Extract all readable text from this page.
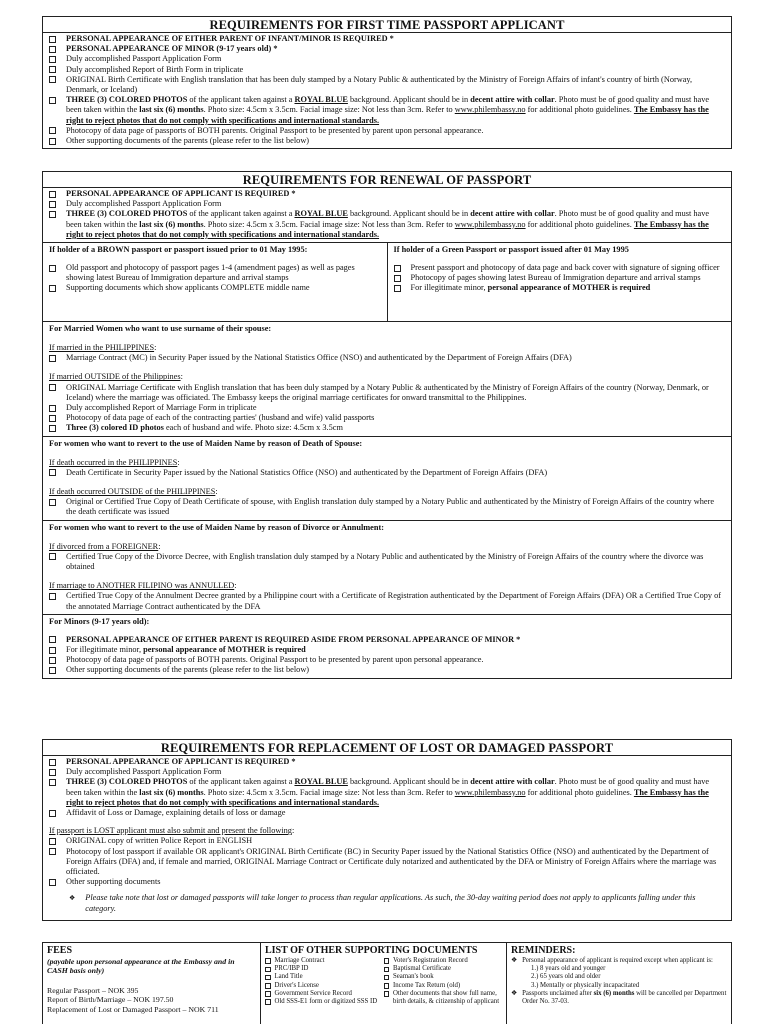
REQUIREMENTS FOR FIRST TIME PASSPORT APPLICANT
PERSONAL APPEARANCE OF EITHER PARENT OF INFANT/MINOR IS REQUIRED *
PERSONAL APPEARANCE OF MINOR (9-17 years old) *
Duly accomplished Passport Application Form
Duly accomplished Report of Birth Form in triplicate
ORIGINAL Birth Certificate with English translation that has been duly stamped by a Notary Public & authenticated by the Ministry of Foreign Affairs of infant's country of birth (Norway, Denmark, or Iceland)
THREE (3) COLORED PHOTOS of the applicant taken against a ROYAL BLUE background. Applicant should be in decent attire with collar. Photo must be of good quality and must have been taken within the last six (6) months. Photo size: 4.5cm x 3.5cm. Facial image size: Not less than 3cm. Refer to www.philembassy.no for additional photo guidelines. The Embassy has the right to reject photos that do not comply with specifications and international standards.
Photocopy of data page of passports of BOTH parents. Original Passport to be presented by parent upon personal appearance.
Other supporting documents of the parents (please refer to the list below)
REQUIREMENTS FOR RENEWAL OF PASSPORT
PERSONAL APPEARANCE OF APPLICANT IS REQUIRED *
Duly accomplished Passport Application Form
THREE (3) COLORED PHOTOS of the applicant taken against a ROYAL BLUE background. Applicant should be in decent attire with collar. Photo must be of good quality and must have been taken within the last six (6) months. Photo size: 4.5cm x 3.5cm. Facial image size: Not less than 3cm. Refer to www.philembassy.no for additional photo guidelines. The Embassy has the right to reject photos that do not comply with specifications and international standards.
If holder of a BROWN passport or passport issued prior to 01 May 1995:
Old passport and photocopy of passport pages 1-4 (amendment pages) as well as pages showing latest Bureau of Immigration departure and arrival stamps
Supporting documents which show applicants COMPLETE middle name
If holder of a Green Passport or passport issued after 01 May 1995
Present passport and photocopy of data page and back cover with signature of signing officer
Photocopy of pages showing latest Bureau of Immigration departure and arrival stamps
For illegitimate minor, personal appearance of MOTHER is required
For Married Women who want to use surname of their spouse:
If married in the PHILIPPINES:
Marriage Contract (MC) in Security Paper issued by the National Statistics Office (NSO) and authenticated by the Department of Foreign Affairs (DFA)
If married OUTSIDE of the Philippines:
ORIGINAL Marriage Certificate with English translation that has been duly stamped by a Notary Public & authenticated by the Ministry of Foreign Affairs of the country (Norway, Denmark, or Iceland) where the marriage was officiated. The Embassy keeps the original marriage certificates for onward transmittal to the Philippines.
Duly accomplished Report of Marriage Form in triplicate
Photocopy of data page of each of the contracting parties' (husband and wife) valid passports
Three (3) colored ID photos each of husband and wife. Photo size: 4.5cm x 3.5cm
For women who want to revert to the use of Maiden Name by reason of Death of Spouse:
If death occurred in the PHILIPPINES:
Death Certificate in Security Paper issued by the National Statistics Office (NSO) and authenticated by the Department of Foreign Affairs (DFA)
If death occurred OUTSIDE of the PHILIPPINES:
Original or Certified True Copy of Death Certificate of spouse, with English translation duly stamped by a Notary Public and authenticated by the Ministry of Foreign Affairs of the country where the death certificate was issued
For women who want to revert to the use of Maiden Name by reason of Divorce or Annulment:
If divorced from a FOREIGNER:
Certified True Copy of the Divorce Decree, with English translation duly stamped by a Notary Public and authenticated by the Ministry of Foreign Affairs of the country where the divorce was obtained
If marriage to ANOTHER FILIPINO was ANNULLED:
Certified True Copy of the Annulment Decree granted by a Philippine court with a Certificate of Registration authenticated by the Department of Foreign Affairs (DFA) OR a Certified True Copy of the annotated Marriage Contract authenticated by the DFA
For Minors (9-17 years old):
PERSONAL APPEARANCE OF EITHER PARENT IS REQUIRED ASIDE FROM PERSONAL APPEARANCE OF MINOR *
For illegitimate minor, personal appearance of MOTHER is required
Photocopy of data page of passports of BOTH parents. Original Passport to be presented by parent upon personal appearance.
Other supporting documents of the parents (please refer to the list below)
REQUIREMENTS FOR REPLACEMENT OF LOST OR DAMAGED PASSPORT
PERSONAL APPEARANCE OF APPLICANT IS REQUIRED *
Duly accomplished Passport Application Form
THREE (3) COLORED PHOTOS of the applicant taken against a ROYAL BLUE background. Applicant should be in decent attire with collar. Photo must be of good quality and must have been taken within the last six (6) months. Photo size: 4.5cm x 3.5cm. Facial image size: Not less than 3cm. Refer to www.philembassy.no for additional photo guidelines. The Embassy has the right to reject photos that do not comply with specifications and international standards.
Affidavit of Loss or Damage, explaining details of loss or damage
If passport is LOST applicant must also submit and present the following:
ORIGINAL copy of written Police Report in ENGLISH
Photocopy of lost passport if available OR applicant's ORIGINAL Birth Certificate (BC) in Security Paper issued by the National Statistics Office (NSO) and authenticated by the Department of Foreign Affairs (DFA) and, if female and married, ORIGINAL Marriage Contract or Certificate duly notarized and authenticated by the DFA or Ministry of Foreign Affairs where the marriage was officiated.
Other supporting documents
❖ Please take note that lost or damaged passports will take longer to process than regular applications. As such, the 30-day waiting period does not apply to applicants falling under this category.
FEES
(payable upon personal appearance at the Embassy and in CASH basis only)
Regular Passport – NOK 395
Report of Birth/Marriage – NOK 197.50
Replacement of Lost or Damaged Passport – NOK 711
LIST OF OTHER SUPPORTING DOCUMENTS
Marriage Contract
PRC/IBP ID
Land Title
Driver's License
Government Service Record
Old SSS-E1 form or digitized SSS ID
Voter's Registration Record
Baptismal Certificate
Seaman's book
Income Tax Return (old)
Other documents that show full name, birth details, & citizenship of applicant
REMINDERS:
❖ Personal appearance of applicant is required except when applicant is:
1.) 8 years old and younger
2.) 65 years old and older
3.) Mentally or physically incapacitated
❖ Passports unclaimed after six (6) months will be cancelled per Department Order No. 37-03.
